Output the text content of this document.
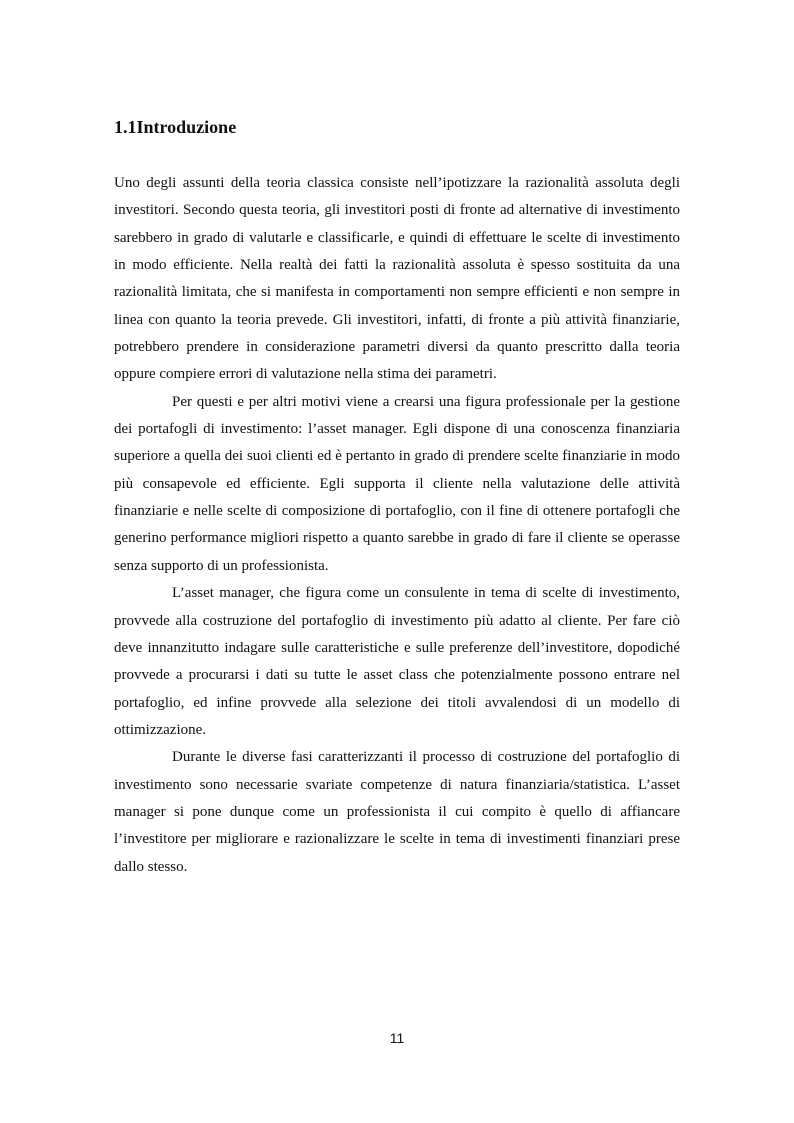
1.1Introduzione

Uno degli assunti della teoria classica consiste nell’ipotizzare la razionalità assoluta degli investitori. Secondo questa teoria, gli investitori posti di fronte ad alternative di investimento sarebbero in grado di valutarle e classificarle, e quindi di effettuare le scelte di investimento in modo efficiente. Nella realtà dei fatti la razionalità assoluta è spesso sostituita da una razionalità limitata, che si manifesta in comportamenti non sempre efficienti e non sempre in linea con quanto la teoria prevede. Gli investitori, infatti, di fronte a più attività finanziarie, potrebbero prendere in considerazione parametri diversi da quanto prescritto dalla teoria oppure compiere errori di valutazione nella stima dei parametri.

Per questi e per altri motivi viene a crearsi una figura professionale per la gestione dei portafogli di investimento: l’asset manager. Egli dispone di una conoscenza finanziaria superiore a quella dei suoi clienti ed è pertanto in grado di prendere scelte finanziarie in modo più consapevole ed efficiente. Egli supporta il cliente nella valutazione delle attività finanziarie e nelle scelte di composizione di portafoglio, con il fine di ottenere portafogli che generino performance migliori rispetto a quanto sarebbe in grado di fare il cliente se operasse senza supporto di un professionista.

L’asset manager, che figura come un consulente in tema di scelte di investimento, provvede alla costruzione del portafoglio di investimento più adatto al cliente. Per fare ciò deve innanzitutto indagare sulle caratteristiche e sulle preferenze dell’investitore, dopodiché provvede a procurarsi i dati su tutte le asset class che potenzialmente possono entrare nel portafoglio, ed infine provvede alla selezione dei titoli avvalendosi di un modello di ottimizzazione.

Durante le diverse fasi caratterizzanti il processo di costruzione del portafoglio di investimento sono necessarie svariate competenze di natura finanziaria/statistica. L’asset manager si pone dunque come un professionista il cui compito è quello di affiancare l’investitore per migliorare e razionalizzare le scelte in tema di investimenti finanziari prese dallo stesso.

11
